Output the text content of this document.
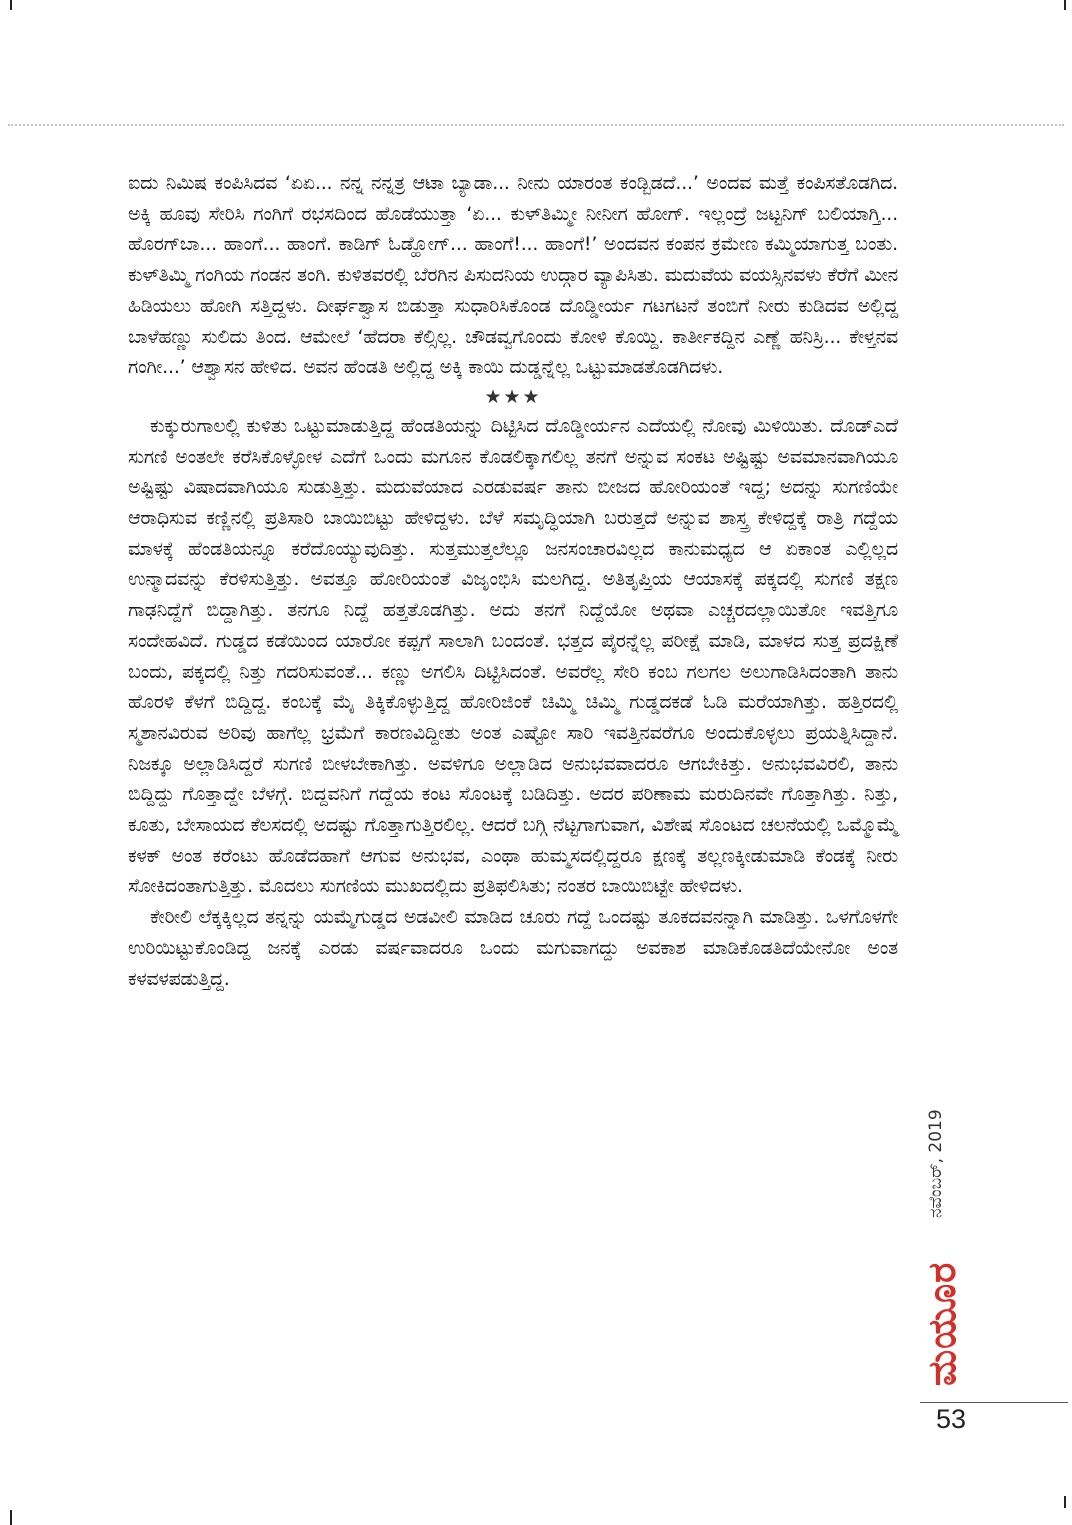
ಐದು ನಿಮಿಷ ಕಂಪಿಸಿದವ ‘ಏಏ... ನನ್ನ ನನ್ನತ್ರ ಆಟಾ ಬ್ಯಾಡಾ... ನೀನು ಯಾರಂತ ಕಂಡ್ಬಿಡದೆ...’ ಅಂದವ ಮತ್ತೆ ಕಂಪಿಸತೊಡಗಿದ. ಅಕ್ಕಿ ಹೂವು ಸೇರಿಸಿ ಗಂಗಿಗೆ ರಭಸದಿಂದ ಹೊಡೆಯುತ್ತಾ ‘ಏ... ಕುಳ್‌ತಿಮ್ಮೀ ನೀನೀಗ ಹೋಗ್. ಇಲ್ಲಂದ್ರೆ ಜಟ್ಟನಿಗ್ ಬಲಿಯಾಗ್ತಿ... ಹೊರಗ್‌ಬಾ... ಹಾಂಗೆ... ಹಾಂಗೆ. ಕಾಡಿಗ್ ಓಡ್ಹೋಗ್... ಹಾಂಗೆ!... ಹಾಂಗೆ!’ ಅಂದವನ ಕಂಪನ ಕ್ರಮೇಣ ಕಮ್ಮಿಯಾಗುತ್ತ ಬಂತು. ಕುಳ್‌ತಿಮ್ಮಿ ಗಂಗಿಯ ಗಂಡನ ತಂಗಿ. ಕುಳಿತವರಲ್ಲಿ ಬೆರಗಿನ ಪಿಸುದನಿಯ ಉದ್ಗಾರ ವ್ಯಾಪಿಸಿತು. ಮದುವೆಯ ವಯಸ್ಸಿನವಳು ಕೆರೆಗೆ ಮೀನ ಹಿಡಿಯಲು ಹೋಗಿ ಸತ್ತಿದ್ದಳು. ದೀರ್ಘಶ್ವಾಸ ಬಿಡುತ್ತಾ ಸುಧಾರಿಸಿಕೊಂಡ ದೊಡ್ಡೀರ್ಯ ಗಟಗಟನೆ ತಂಬಿಗೆ ನೀರು ಕುಡಿದವ ಅಲ್ಲಿದ್ದ ಬಾಳೆಹಣ್ಣು ಸುಲಿದು ತಿಂದ. ಆಮೇಲೆ ‘ಹೆದರಾ ಕೆಲ್ಸಿಲ್ಲ. ಚೌಡವ್ವಗೊಂದು ಕೋಳಿ ಕೊಯ್ದಿ. ಕಾರ್ತೀಕದ್ದಿನ ಎಣ್ಣೆ ಹನಿಸ್ರಿ... ಕೇಳ್ತನವ ಗಂಗೀ...’ ಆಶ್ವಾಸನ ಹೇಳಿದ. ಅವನ ಹೆಂಡತಿ ಅಲ್ಲಿದ್ದ ಅಕ್ಕಿ ಕಾಯಿ ದುಡ್ಡನ್ನೆಲ್ಲ ಒಟ್ಟುಮಾಡತೊಡಗಿದಳು.

★★★

ಕುಕ್ಕುರುಗಾಲಲ್ಲಿ ಕುಳಿತು ಒಟ್ಟುಮಾಡುತ್ತಿದ್ದ ಹೆಂಡತಿಯನ್ನು ದಿಟ್ಟಿಸಿದ ದೊಡ್ಡೀರ್ಯನ ಎದೆಯಲ್ಲಿ ನೋವು ಮಿಳಿಯಿತು. ದೊಡ್‌ಎದೆ ಸುಗಣಿ ಅಂತಲೇ ಕರೆಸಿಕೊಳ್ಳೋಳ ಎದೆಗೆ ಒಂದು ಮಗೂನ ಕೊಡಲಿಕ್ಕಾಗಲಿಲ್ಲ ತನಗೆ ಅನ್ನುವ ಸಂಕಟ ಅಷ್ಟಿಷ್ಟು ಅವಮಾನವಾಗಿಯೂ ಅಷ್ಟಿಷ್ಟು ವಿಷಾದವಾಗಿಯೂ ಸುಡುತ್ತಿತ್ತು. ಮದುವೆಯಾದ ಎರಡುವರ್ಷ ತಾನು ಬೀಜದ ಹೋರಿಯಂತೆ ಇದ್ದ; ಅದನ್ನು ಸುಗಣಿಯೇ ಆರಾಧಿಸುವ ಕಣ್ಣಿನಲ್ಲಿ ಪ್ರತಿಸಾರಿ ಬಾಯಿಬಿಟ್ಟು ಹೇಳಿದ್ದಳು. ಬೆಳೆ ಸಮೃದ್ಧಿಯಾಗಿ ಬರುತ್ತದೆ ಅನ್ನುವ ಶಾಸ್ತ್ರ ಕೇಳಿದ್ದಕ್ಕೆ ರಾತ್ರಿ ಗದ್ದೆಯ ಮಾಳಕ್ಕೆ ಹೆಂಡತಿಯನ್ನೂ ಕರೆದೊಯ್ಯುವುದಿತ್ತು. ಸುತ್ತಮುತ್ತಲೆಲ್ಲೂ ಜನಸಂಚಾರವಿಲ್ಲದ ಕಾನುಮಧ್ಯದ ಆ ಏಕಾಂತ ಎಲ್ಲಿಲ್ಲದ ಉನ್ಮಾದವನ್ನು ಕೆರಳಿಸುತ್ತಿತ್ತು. ಅವತ್ತೂ ಹೋರಿಯಂತೆ ವಿಜೃಂಭಿಸಿ ಮಲಗಿದ್ದ. ಅತಿತೃಪ್ತಿಯ ಆಯಾಸಕ್ಕೆ ಪಕ್ಕದಲ್ಲಿ ಸುಗಣಿ ತಕ್ಷಣ ಗಾಢನಿದ್ದೆಗೆ ಬಿದ್ದಾಗಿತ್ತು. ತನಗೂ ನಿದ್ದೆ ಹತ್ತತೊಡಗಿತ್ತು. ಅದು ತನಗೆ ನಿದ್ದೆಯೋ ಅಥವಾ ಎಚ್ಚರದಲ್ಲಾಯಿತೋ ಇವತ್ತಿಗೂ ಸಂದೇಹವಿದೆ. ಗುಡ್ಡದ ಕಡೆಯಿಂದ ಯಾರೋ ಕಪ್ಪಗೆ ಸಾಲಾಗಿ ಬಂದಂತೆ. ಭತ್ತದ ಪೈರನ್ನೆಲ್ಲ ಪರೀಕ್ಷೆ ಮಾಡಿ, ಮಾಳದ ಸುತ್ತ ಪ್ರದಕ್ಷಿಣೆ ಬಂದು, ಪಕ್ಕದಲ್ಲಿ ನಿತ್ತು ಗದರಿಸುವಂತೆ... ಕಣ್ಣು ಅಗಲಿಸಿ ದಿಟ್ಟಿಸಿದಂತೆ. ಅವರೆಲ್ಲ ಸೇರಿ ಕಂಬ ಗಲಗಲ ಅಲುಗಾಡಿಸಿದಂತಾಗಿ ತಾನು ಹೊರಳಿ ಕೆಳಗೆ ಬಿದ್ದಿದ್ದ. ಕಂಬಕ್ಕೆ ಮೈ ತಿಕ್ಕಿಕೊಳ್ಳುತ್ತಿದ್ದ ಹೋರಿಜಿಂಕೆ ಚಿಮ್ಮಿ ಚಿಮ್ಮಿ ಗುಡ್ಡದಕಡೆ ಓಡಿ ಮರೆಯಾಗಿತ್ತು. ಹತ್ತಿರದಲ್ಲಿ ಸ್ಮಶಾನವಿರುವ ಅರಿವು ಹಾಗೆಲ್ಲ ಭ್ರಮೆಗೆ ಕಾರಣವಿದ್ದೀತು ಅಂತ ಎಷ್ಟೋ ಸಾರಿ ಇವತ್ತಿನವರೆಗೂ ಅಂದುಕೊಳ್ಳಲು ಪ್ರಯತ್ನಿಸಿದ್ದಾನೆ. ನಿಜಕ್ಕೂ ಅಲ್ಲಾಡಿಸಿದ್ದರೆ ಸುಗಣಿ ಬೀಳಬೇಕಾಗಿತ್ತು. ಅವಳಿಗೂ ಅಲ್ಲಾಡಿದ ಅನುಭವವಾದರೂ ಆಗಬೇಕಿತ್ತು. ಅನುಭವವಿರಲಿ, ತಾನು ಬಿದ್ದಿದ್ದು ಗೊತ್ತಾದ್ದೇ ಬೆಳಗ್ಗೆ. ಬಿದ್ದವನಿಗೆ ಗದ್ದೆಯ ಕಂಟ ಸೊಂಟಕ್ಕೆ ಬಡಿದಿತ್ತು. ಅದರ ಪರಿಣಾಮ ಮರುದಿನವೇ ಗೊತ್ತಾಗಿತ್ತು. ನಿತ್ತು, ಕೂತು, ಬೇಸಾಯದ ಕೆಲಸದಲ್ಲಿ ಅದಷ್ಟು ಗೊತ್ತಾಗುತ್ತಿರಲಿಲ್ಲ. ಆದರೆ ಬಗ್ಗಿ ನೆಟ್ಟಗಾಗುವಾಗ, ವಿಶೇಷ ಸೊಂಟದ ಚಲನೆಯಲ್ಲಿ ಒಮ್ಮೊಮ್ಮೆ ಕಳಕ್ ಅಂತ ಕರೆಂಟು ಹೊಡೆದಹಾಗೆ ಆಗುವ ಅನುಭವ, ಎಂಥಾ ಹುಮ್ಮಸದಲ್ಲಿದ್ದರೂ ಕ್ಷಣಕ್ಕೆ ತಲ್ಲಣಕ್ಕೀಡುಮಾಡಿ ಕೆಂಡಕ್ಕೆ ನೀರು ಸೋಕಿದಂತಾಗುತ್ತಿತ್ತು. ಮೊದಲು ಸುಗಣಿಯ ಮುಖದಲ್ಲಿದು ಪ್ರತಿಫಲಿಸಿತು; ನಂತರ ಬಾಯಿಬಿಟ್ಟೇ ಹೇಳಿದಳು.

ಕೇರೀಲಿ ಲೆಕ್ಕಕ್ಕಿಲ್ಲದ ತನ್ನನ್ನು ಯಮ್ಮೆಗುಡ್ಡದ ಅಡವೀಲಿ ಮಾಡಿದ ಚೂರು ಗದ್ದೆ ಒಂದಷ್ಟು ತೂಕದವನನ್ನಾಗಿ ಮಾಡಿತ್ತು. ಒಳಗೊಳಗೇ ಉರಿಯಿಟ್ಟುಕೊಂಡಿದ್ದ ಜನಕ್ಕೆ ಎರಡು ವರ್ಷವಾದರೂ ಒಂದು ಮಗುವಾಗದ್ದು ಅವಕಾಶ ಮಾಡಿಕೊಡತಿದೆಯೇನೋ ಅಂತ ಕಳವಳಪಡುತ್ತಿದ್ದ.

ನವೆಂಬರ್, 2019
ಮಯೂರ
53
